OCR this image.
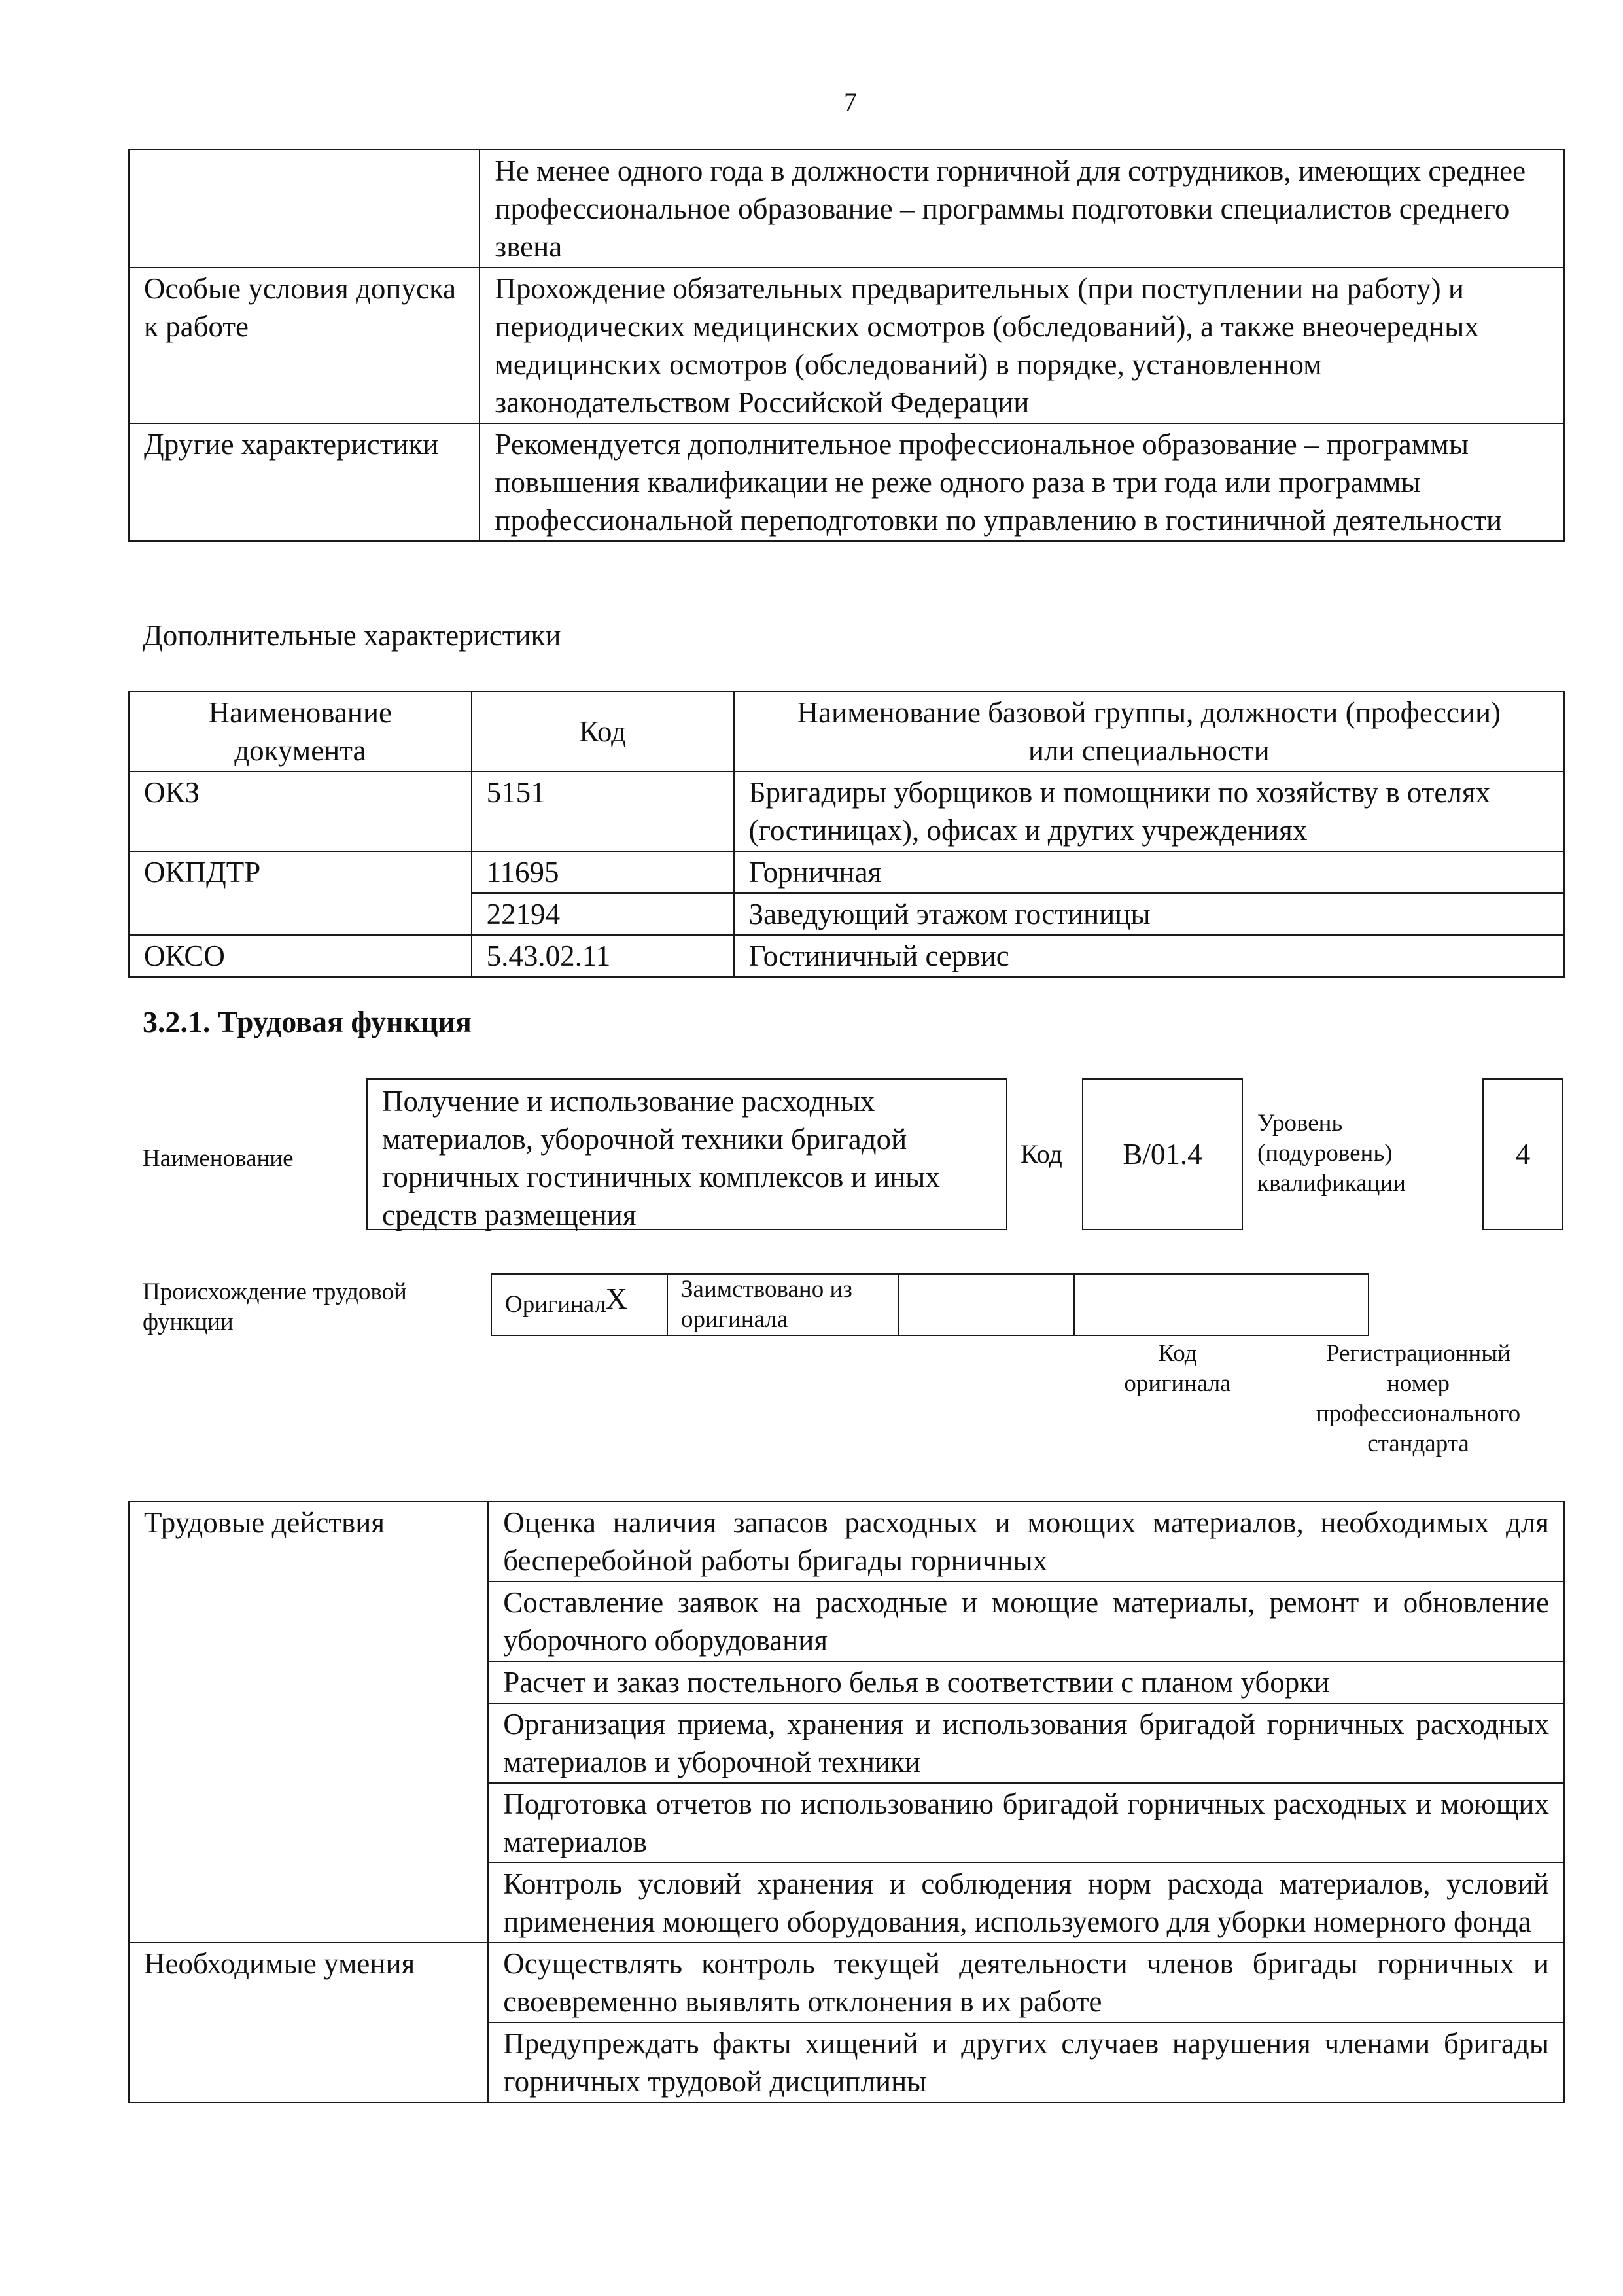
7
	Не менее одного года в должности горничной для сотрудников, имеющих среднее профессиональное образование – программы подготовки специалистов среднего звена
Особые условия допуска к работе	Прохождение обязательных предварительных (при поступлении на работу) и периодических медицинских осмотров (обследований), а также внеочередных медицинских осмотров (обследований) в порядке, установленном законодательством Российской Федерации
Другие характеристики	Рекомендуется дополнительное профессиональное образование – программы повышения квалификации не реже одного раза в три года или программы профессиональной переподготовки по управлению в гостиничной деятельности
Дополнительные характеристики
Наименование документа	Код	Наименование базовой группы, должности (профессии) или специальности
ОКЗ	5151	Бригадиры уборщиков и помощники по хозяйству в отелях (гостиницах), офисах и других учреждениях
ОКПДТР	11695	Горничная
	22194	Заведующий этажом гостиницы
ОКСО	5.43.02.11	Гостиничный сервис
3.2.1. Трудовая функция
Наименование
Получение и использование расходных материалов, уборочной техники бригадой горничных гостиничных комплексов и иных средств размещения
Код	B/01.4
Уровень
(подуровень)
квалификации
4
Происхождение трудовой
функции
Оригинал
X	Заимствовано из
оригинала

Код
оригинала
Регистрационный
номер
профессионального
стандарта
Трудовые действия	Оценка наличия запасов расходных и моющих материалов, необходимых для бесперебойной работы бригады горничных
	Составление заявок на расходные и моющие материалы, ремонт и обновление уборочного оборудования
	Расчет и заказ постельного белья в соответствии с планом уборки
	Организация приема, хранения и использования бригадой горничных расходных материалов и уборочной техники
	Подготовка отчетов по использованию бригадой горничных расходных и моющих материалов
	Контроль условий хранения и соблюдения норм расхода материалов, условий применения моющего оборудования, используемого для уборки номерного фонда
Необходимые умения	Осуществлять контроль текущей деятельности членов бригады горничных и своевременно выявлять отклонения в их работе
	Предупреждать факты хищений и других случаев нарушения членами бригады горничных трудовой дисциплины
